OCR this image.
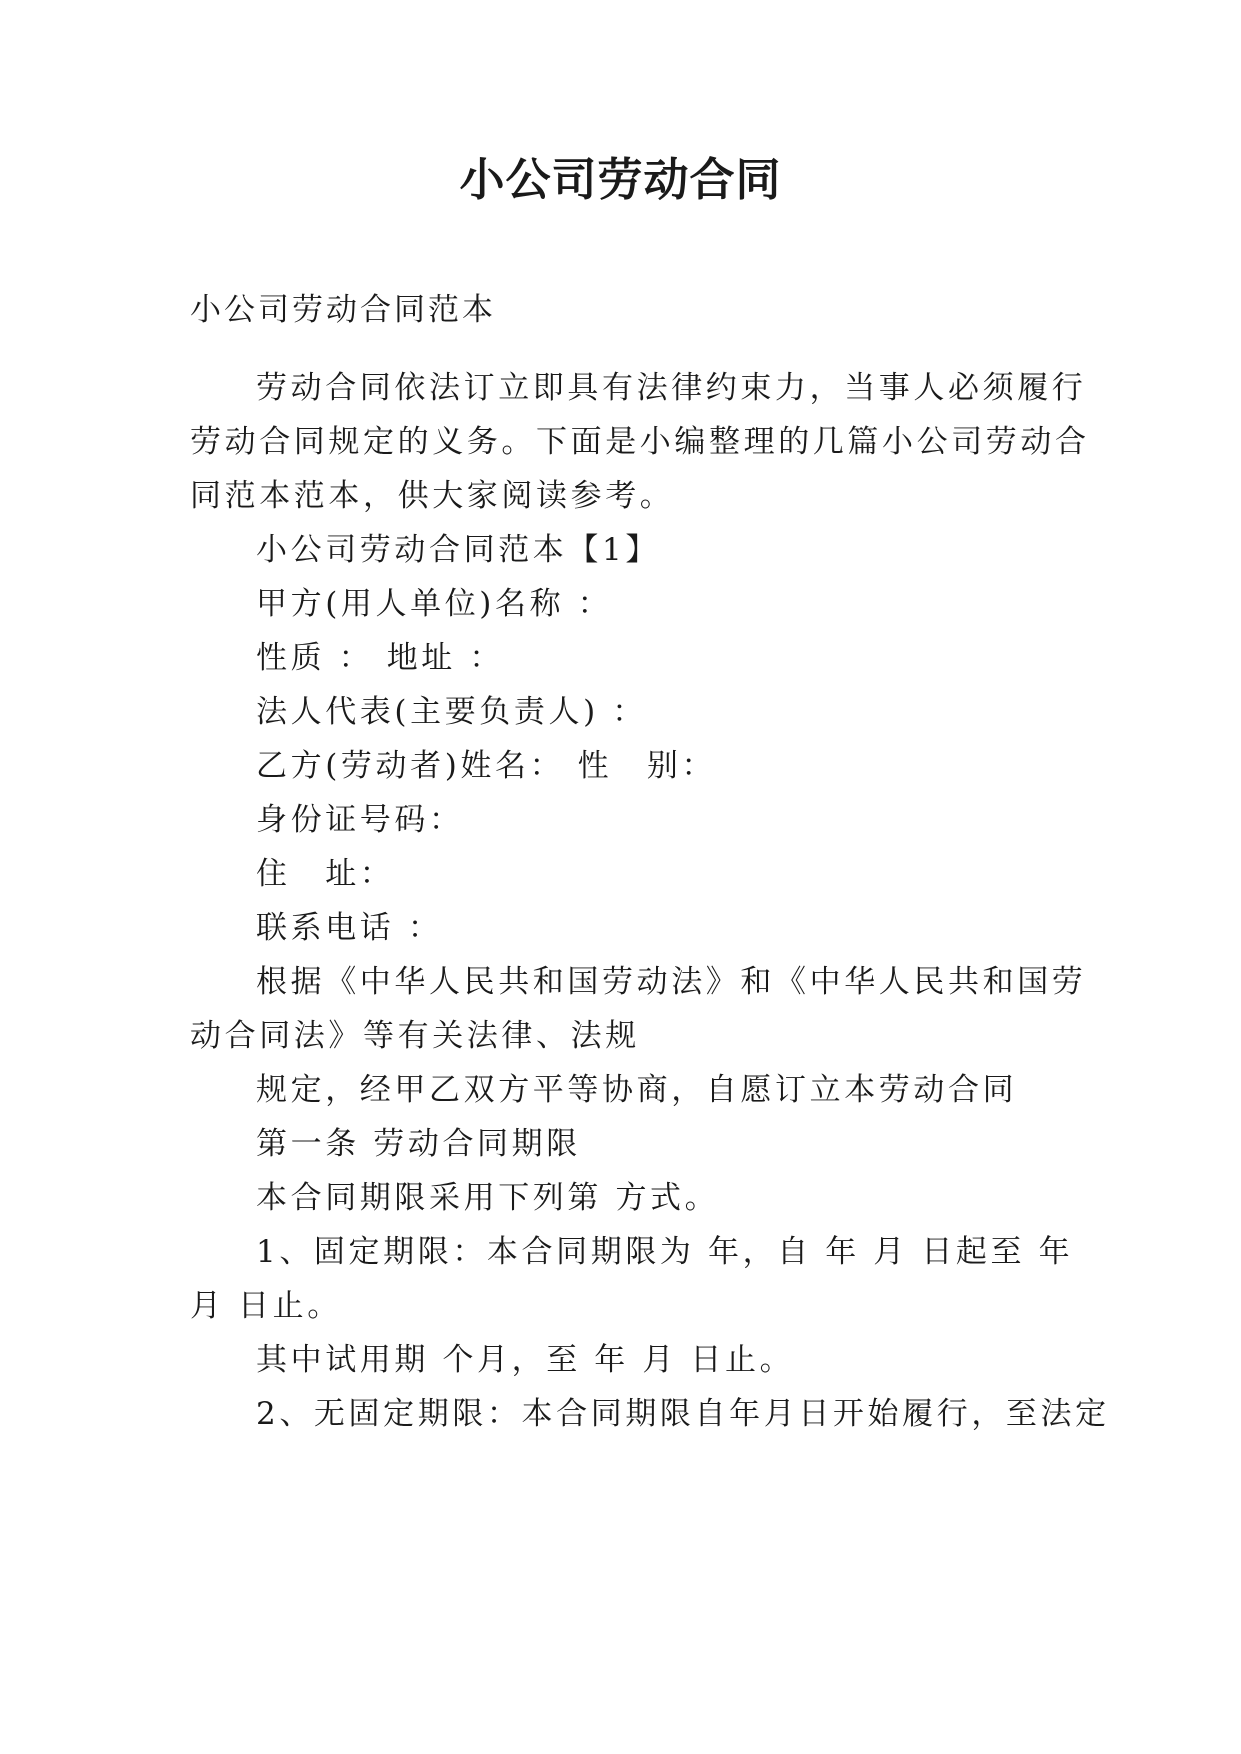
小公司劳动合同

小公司劳动合同范本

劳动合同依法订立即具有法律约束力，当事人必须履行

劳动合同规定的义务。下面是小编整理的几篇小公司劳动合

同范本范本，供大家阅读参考。

小公司劳动合同范本【1】

甲方(用人单位)名称 ：

性质 ： 地址 ：

法人代表(主要负责人) ：

乙方(劳动者)姓名： 性　别：

身份证号码：

住　址：

联系电话 ：

根据《中华人民共和国劳动法》和《中华人民共和国劳

动合同法》等有关法律、法规

规定，经甲乙双方平等协商，自愿订立本劳动合同

第一条 劳动合同期限

本合同期限采用下列第 方式。

1、固定期限：本合同期限为 年，自 年 月 日起至 年

月 日止。

其中试用期 个月，至 年 月 日止。

2、无固定期限：本合同期限自年月日开始履行，至法定
